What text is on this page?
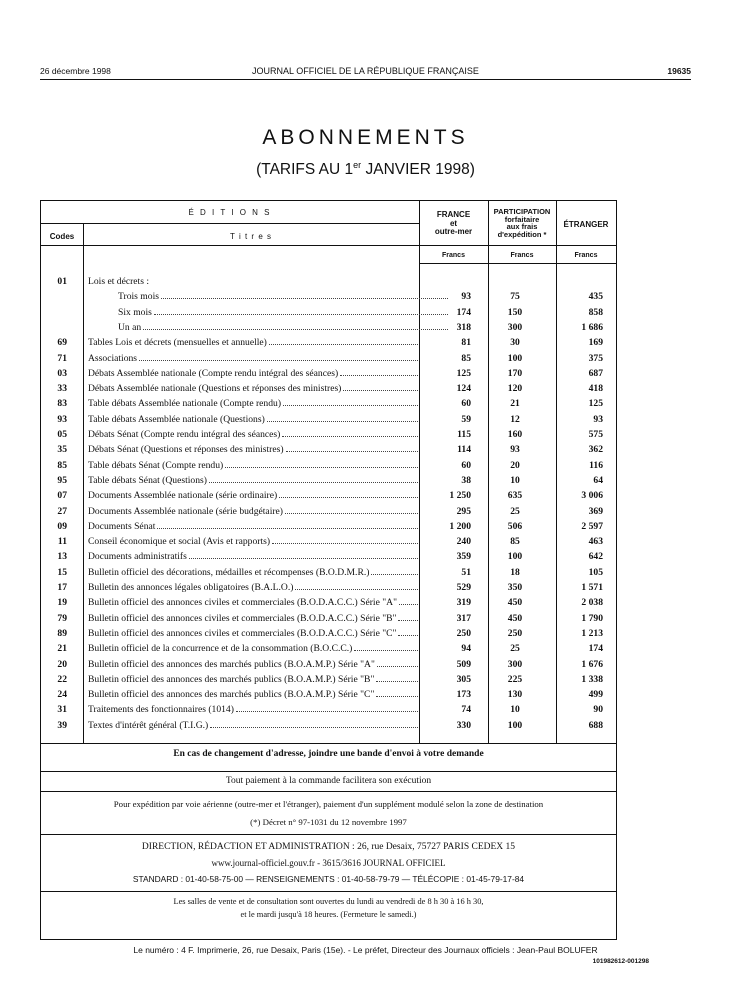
26 décembre 1998	JOURNAL OFFICIEL DE LA RÉPUBLIQUE FRANÇAISE	19635
ABONNEMENTS
(TARIFS AU 1er JANVIER 1998)
É D I T I O N S
Codes	T i t r e s
FRANCE
et
outre-mer
PARTICIPATION
forfaitaire
aux frais
d'expédition *
ÉTRANGER
Francs	Francs	Francs
01 Lois et décrets :
Trois mois	93	75	435
Six mois	174	150	858
Un an	318	300	1 686
69 Tables Lois et décrets (mensuelles et annuelle)	81	30	169
71 Associations	85	100	375
03 Débats Assemblée nationale (Compte rendu intégral des séances)	125	170	687
33 Débats Assemblée nationale (Questions et réponses des ministres)	124	120	418
83 Table débats Assemblée nationale (Compte rendu)	60	21	125
93 Table débats Assemblée nationale (Questions)	59	12	93
05 Débats Sénat (Compte rendu intégral des séances)	115	160	575
35 Débats Sénat (Questions et réponses des ministres)	114	93	362
85 Table débats Sénat (Compte rendu)	60	20	116
95 Table débats Sénat (Questions)	38	10	64
07 Documents Assemblée nationale (série ordinaire)	1 250	635	3 006
27 Documents Assemblée nationale (série budgétaire)	295	25	369
09 Documents Sénat	1 200	506	2 597
11 Conseil économique et social (Avis et rapports)	240	85	463
13 Documents administratifs	359	100	642
15 Bulletin officiel des décorations, médailles et récompenses (B.O.D.M.R.)	51	18	105
17 Bulletin des annonces légales obligatoires (B.A.L.O.)	529	350	1 571
19 Bulletin officiel des annonces civiles et commerciales (B.O.D.A.C.C.) Série "A"	319	450	2 038
79 Bulletin officiel des annonces civiles et commerciales (B.O.D.A.C.C.) Série "B"	317	450	1 790
89 Bulletin officiel des annonces civiles et commerciales (B.O.D.A.C.C.) Série "C"	250	250	1 213
21 Bulletin officiel de la concurrence et de la consommation (B.O.C.C.)	94	25	174
20 Bulletin officiel des annonces des marchés publics (B.O.A.M.P.) Série "A"	509	300	1 676
22 Bulletin officiel des annonces des marchés publics (B.O.A.M.P.) Série "B"	305	225	1 338
24 Bulletin officiel des annonces des marchés publics (B.O.A.M.P.) Série "C"	173	130	499
31 Traitements des fonctionnaires (1014)	74	10	90
39 Textes d'intérêt général (T.I.G.)	330	100	688
En cas de changement d'adresse, joindre une bande d'envoi à votre demande
Tout paiement à la commande facilitera son exécution
Pour expédition par voie aérienne (outre-mer et l'étranger), paiement d'un supplément modulé selon la zone de destination
(*) Décret n° 97-1031 du 12 novembre 1997
DIRECTION, RÉDACTION ET ADMINISTRATION : 26, rue Desaix, 75727 PARIS CEDEX 15
www.journal-officiel.gouv.fr - 3615/3616 JOURNAL OFFICIEL
STANDARD : 01-40-58-75-00 — RENSEIGNEMENTS : 01-40-58-79-79 — TÉLÉCOPIE : 01-45-79-17-84
Les salles de vente et de consultation sont ouvertes du lundi au vendredi de 8 h 30 à 16 h 30,
et le mardi jusqu'à 18 heures. (Fermeture le samedi.)
Le numéro : 4 F. Imprimerie, 26, rue Desaix, Paris (15e). - Le préfet, Directeur des Journaux officiels : Jean-Paul BOLUFER
101982612-001298
